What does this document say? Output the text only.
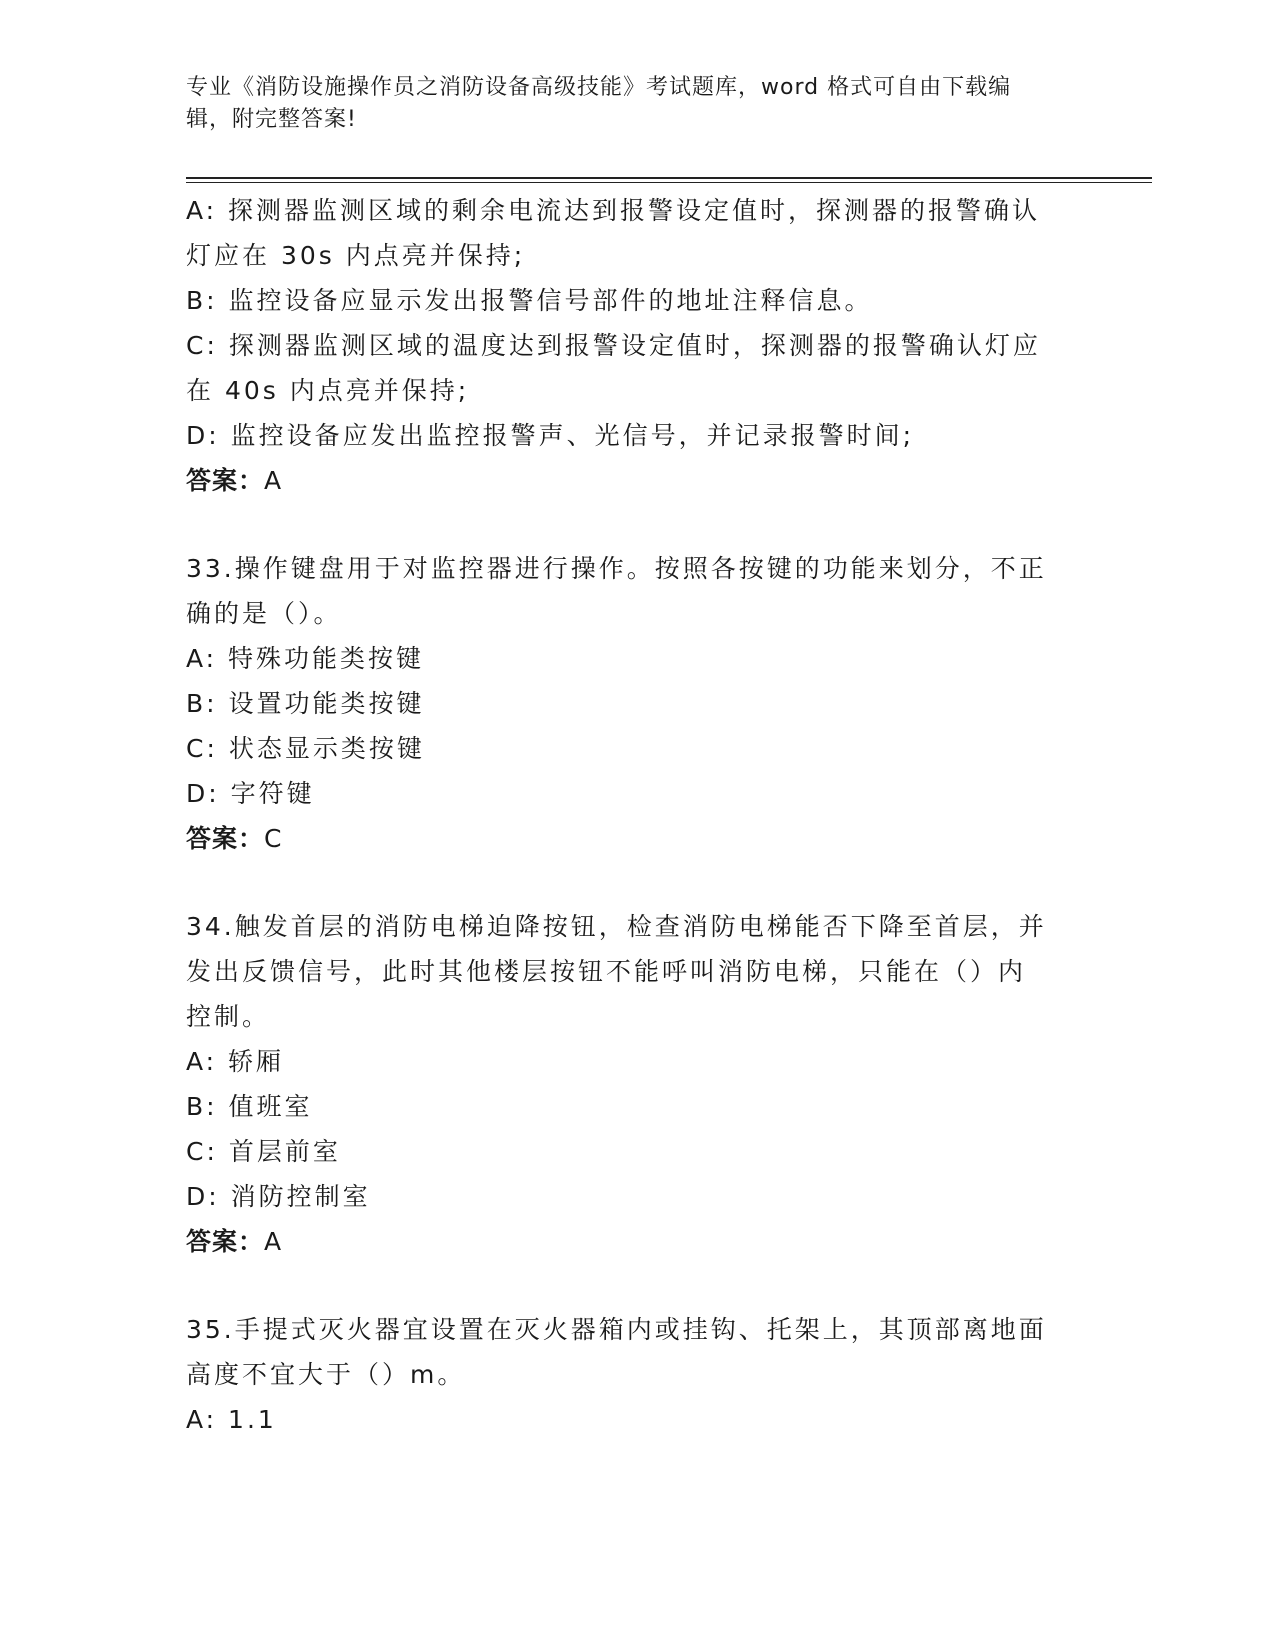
专业《消防设施操作员之消防设备高级技能》考试题库，word 格式可自由下载编
辑，附完整答案!

A: 探测器监测区域的剩余电流达到报警设定值时，探测器的报警确认

灯应在 30s 内点亮并保持;

B: 监控设备应显示发出报警信号部件的地址注释信息。

C: 探测器监测区域的温度达到报警设定值时，探测器的报警确认灯应

在 40s 内点亮并保持;

D: 监控设备应发出监控报警声、光信号，并记录报警时间;

答案：A

33.操作键盘用于对监控器进行操作。按照各按键的功能来划分，不正

确的是（）。

A: 特殊功能类按键

B: 设置功能类按键

C: 状态显示类按键

D: 字符键

答案：C

34.触发首层的消防电梯迫降按钮，检查消防电梯能否下降至首层，并

发出反馈信号，此时其他楼层按钮不能呼叫消防电梯，只能在（）内

控制。

A: 轿厢

B: 值班室

C: 首层前室

D: 消防控制室

答案：A

35.手提式灭火器宜设置在灭火器箱内或挂钩、托架上，其顶部离地面

高度不宜大于（）m。

A: 1.1
